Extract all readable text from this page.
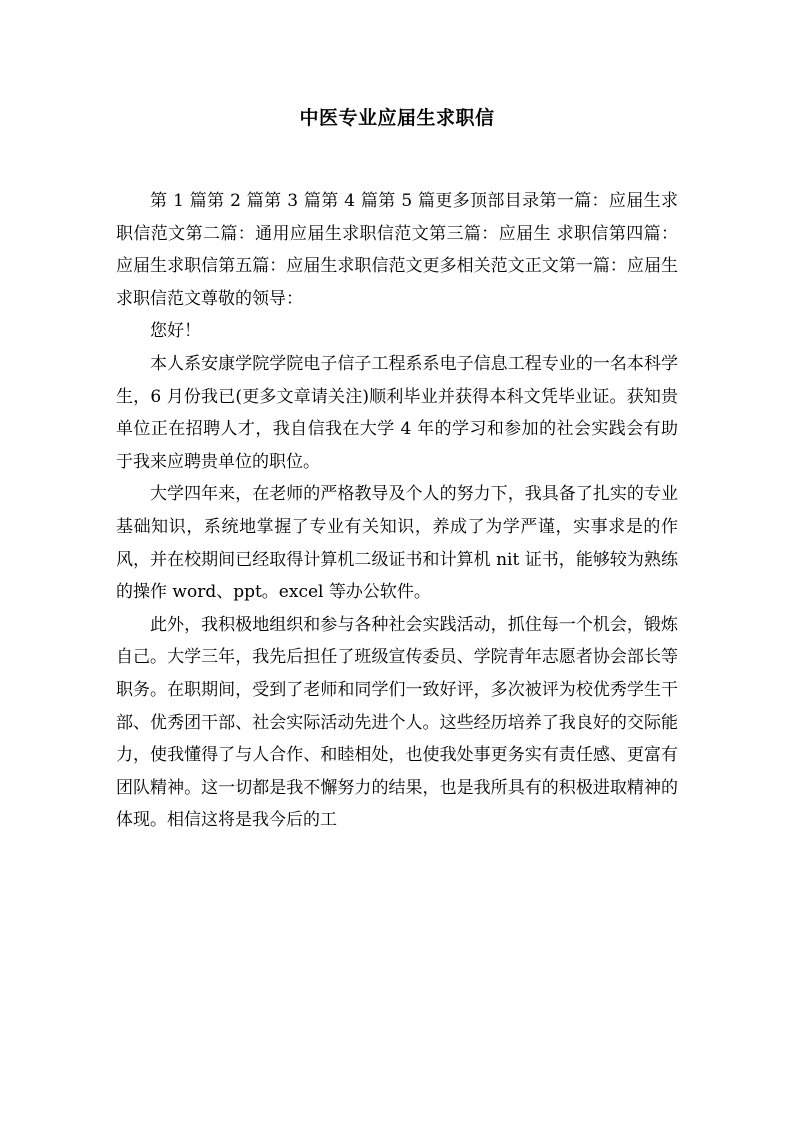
中医专业应届生求职信

第 1 篇第 2 篇第 3 篇第 4 篇第 5 篇更多顶部目录第一篇：应届生求职信范文第二篇：通用应届生求职信范文第三篇：应届生 求职信第四篇：应届生求职信第五篇：应届生求职信范文更多相关范文正文第一篇：应届生求职信范文尊敬的领导：

您好！

本人系安康学院学院电子信子工程系系电子信息工程专业的一名本科学生，6 月份我已(更多文章请关注)顺利毕业并获得本科文凭毕业证。获知贵单位正在招聘人才，我自信我在大学 4 年的学习和参加的社会实践会有助于我来应聘贵单位的职位。

大学四年来，在老师的严格教导及个人的努力下，我具备了扎实的专业基础知识，系统地掌握了专业有关知识，养成了为学严谨，实事求是的作风，并在校期间已经取得计算机二级证书和计算机 nit 证书，能够较为熟练的操作 word、ppt。excel 等办公软件。

此外，我积极地组织和参与各种社会实践活动，抓住每一个机会，锻炼自己。大学三年，我先后担任了班级宣传委员、学院青年志愿者协会部长等职务。在职期间，受到了老师和同学们一致好评，多次被评为校优秀学生干部、优秀团干部、社会实际活动先进个人。这些经历培养了我良好的交际能力，使我懂得了与人合作、和睦相处，也使我处事更务实有责任感、更富有团队精神。这一切都是我不懈努力的结果，也是我所具有的积极进取精神的体现。相信这将是我今后的工
